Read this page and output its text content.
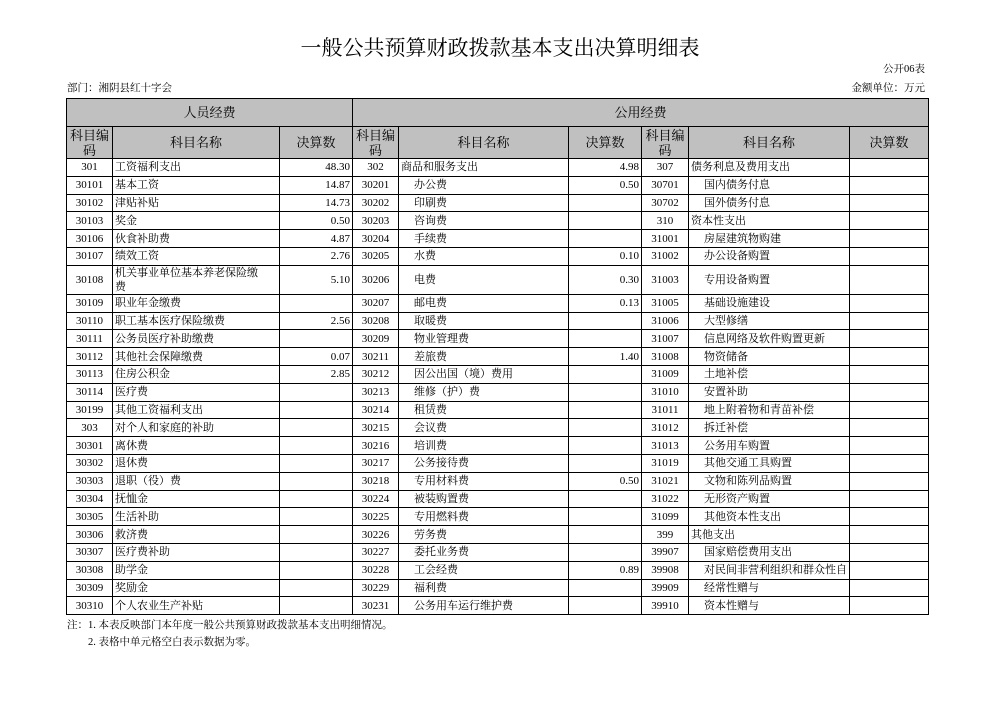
一般公共预算财政拨款基本支出决算明细表
公开06表
部门：湘阴县红十字会	金额单位：万元
人员经费			公用经费					
科目编码	科目名称	决算数	科目编码	科目名称	决算数	科目编码	科目名称	决算数
301	工资福利支出	48.30	302	商品和服务支出	4.98	307	债务利息及费用支出	

30101	基本工资	14.87	30201	办公费	0.50	30701	国内债务付息	

30102	津贴补贴	14.73	30202	印刷费		30702	国外债务付息	

30103	奖金	0.50	30203	咨询费		310	资本性支出	

30106	伙食补助费	4.87	30204	手续费		31001	房屋建筑物购建	

30107	绩效工资	2.76	30205	水费	0.10	31002	办公设备购置	

30108	机关事业单位基本养老保险缴费	5.10	30206	电费	0.30	31003	专用设备购置	

30109	职业年金缴费		30207	邮电费	0.13	31005	基础设施建设	

30110	职工基本医疗保险缴费	2.56	30208	取暖费		31006	大型修缮	

30111	公务员医疗补助缴费		30209	物业管理费		31007	信息网络及软件购置更新	

30112	其他社会保障缴费	0.07	30211	差旅费	1.40	31008	物资储备	

30113	住房公积金	2.85	30212	因公出国（境）费用		31009	土地补偿	

30114	医疗费		30213	维修（护）费		31010	安置补助	

30199	其他工资福利支出		30214	租赁费		31011	地上附着物和青苗补偿	

303	对个人和家庭的补助		30215	会议费		31012	拆迁补偿	

30301	离休费		30216	培训费		31013	公务用车购置	

30302	退休费		30217	公务接待费		31019	其他交通工具购置	

30303	退职（役）费		30218	专用材料费	0.50	31021	文物和陈列品购置	

30304	抚恤金		30224	被装购置费		31022	无形资产购置	

30305	生活补助		30225	专用燃料费		31099	其他资本性支出	

30306	救济费		30226	劳务费		399	其他支出	

30307	医疗费补助		30227	委托业务费		39907	国家赔偿费用支出	

30308	助学金		30228	工会经费	0.89	39908	对民间非营利组织和群众性自	

30309	奖励金		30229	福利费		39909	经常性赠与	

30310	个人农业生产补贴		30231	公务用车运行维护费		39910	资本性赠与	

注：1. 本表反映部门本年度一般公共预算财政拨款基本支出明细情况。
2. 表格中单元格空白表示数据为零。
